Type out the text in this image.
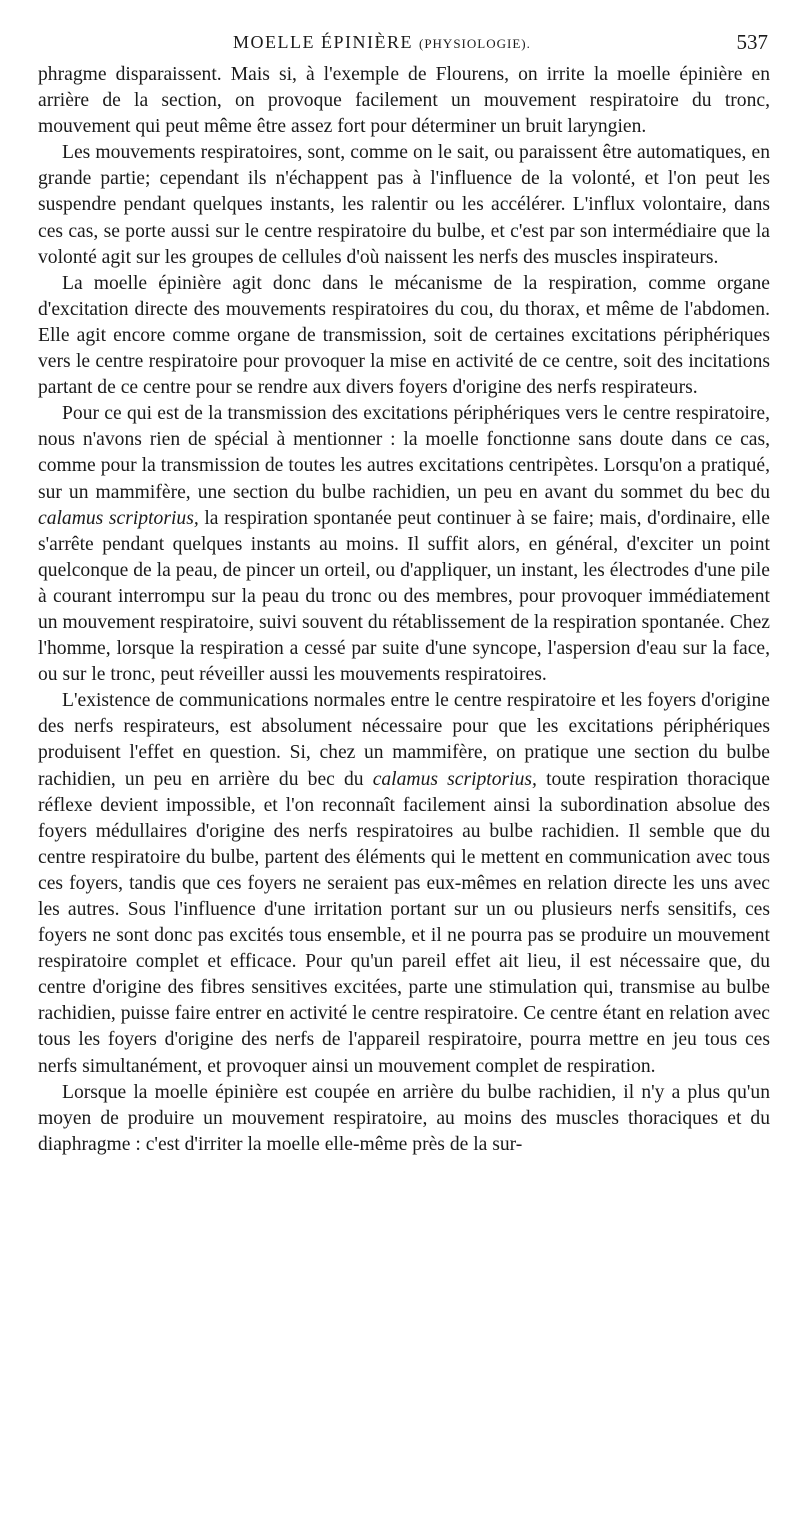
MOELLE ÉPINIÈRE (PHYSIOLOGIE).	537

phragme disparaissent. Mais si, à l'exemple de Flourens, on irrite la moelle épinière en arrière de la section, on provoque facilement un mouvement respiratoire du tronc, mouvement qui peut même être assez fort pour déterminer un bruit laryngien.

Les mouvements respiratoires, sont, comme on le sait, ou paraissent être automatiques, en grande partie; cependant ils n'échappent pas à l'influence de la volonté, et l'on peut les suspendre pendant quelques instants, les ralentir ou les accélérer. L'influx volontaire, dans ces cas, se porte aussi sur le centre respiratoire du bulbe, et c'est par son intermédiaire que la volonté agit sur les groupes de cellules d'où naissent les nerfs des muscles inspirateurs.

La moelle épinière agit donc dans le mécanisme de la respiration, comme organe d'excitation directe des mouvements respiratoires du cou, du thorax, et même de l'abdomen. Elle agit encore comme organe de transmission, soit de certaines excitations périphériques vers le centre respiratoire pour provoquer la mise en activité de ce centre, soit des incitations partant de ce centre pour se rendre aux divers foyers d'origine des nerfs respirateurs.

Pour ce qui est de la transmission des excitations périphériques vers le centre respiratoire, nous n'avons rien de spécial à mentionner : la moelle fonctionne sans doute dans ce cas, comme pour la transmission de toutes les autres excitations centripètes. Lorsqu'on a pratiqué, sur un mammifère, une section du bulbe rachidien, un peu en avant du sommet du bec du calamus scriptorius, la respiration spontanée peut continuer à se faire; mais, d'ordinaire, elle s'arrête pendant quelques instants au moins. Il suffit alors, en général, d'exciter un point quelconque de la peau, de pincer un orteil, ou d'appliquer, un instant, les électrodes d'une pile à courant interrompu sur la peau du tronc ou des membres, pour provoquer immédiatement un mouvement respiratoire, suivi souvent du rétablissement de la respiration spontanée. Chez l'homme, lorsque la respiration a cessé par suite d'une syncope, l'aspersion d'eau sur la face, ou sur le tronc, peut réveiller aussi les mouvements respiratoires.

L'existence de communications normales entre le centre respiratoire et les foyers d'origine des nerfs respirateurs, est absolument nécessaire pour que les excitations périphériques produisent l'effet en question. Si, chez un mammifère, on pratique une section du bulbe rachidien, un peu en arrière du bec du calamus scriptorius, toute respiration thoracique réflexe devient impossible, et l'on reconnaît facilement ainsi la subordination absolue des foyers médullaires d'origine des nerfs respiratoires au bulbe rachidien. Il semble que du centre respiratoire du bulbe, partent des éléments qui le mettent en communication avec tous ces foyers, tandis que ces foyers ne seraient pas eux-mêmes en relation directe les uns avec les autres. Sous l'influence d'une irritation portant sur un ou plusieurs nerfs sensitifs, ces foyers ne sont donc pas excités tous ensemble, et il ne pourra pas se produire un mouvement respiratoire complet et efficace. Pour qu'un pareil effet ait lieu, il est nécessaire que, du centre d'origine des fibres sensitives excitées, parte une stimulation qui, transmise au bulbe rachidien, puisse faire entrer en activité le centre respiratoire. Ce centre étant en relation avec tous les foyers d'origine des nerfs de l'appareil respiratoire, pourra mettre en jeu tous ces nerfs simultanément, et provoquer ainsi un mouvement complet de respiration.

Lorsque la moelle épinière est coupée en arrière du bulbe rachidien, il n'y a plus qu'un moyen de produire un mouvement respiratoire, au moins des muscles thoraciques et du diaphragme : c'est d'irriter la moelle elle-même près de la sur-
